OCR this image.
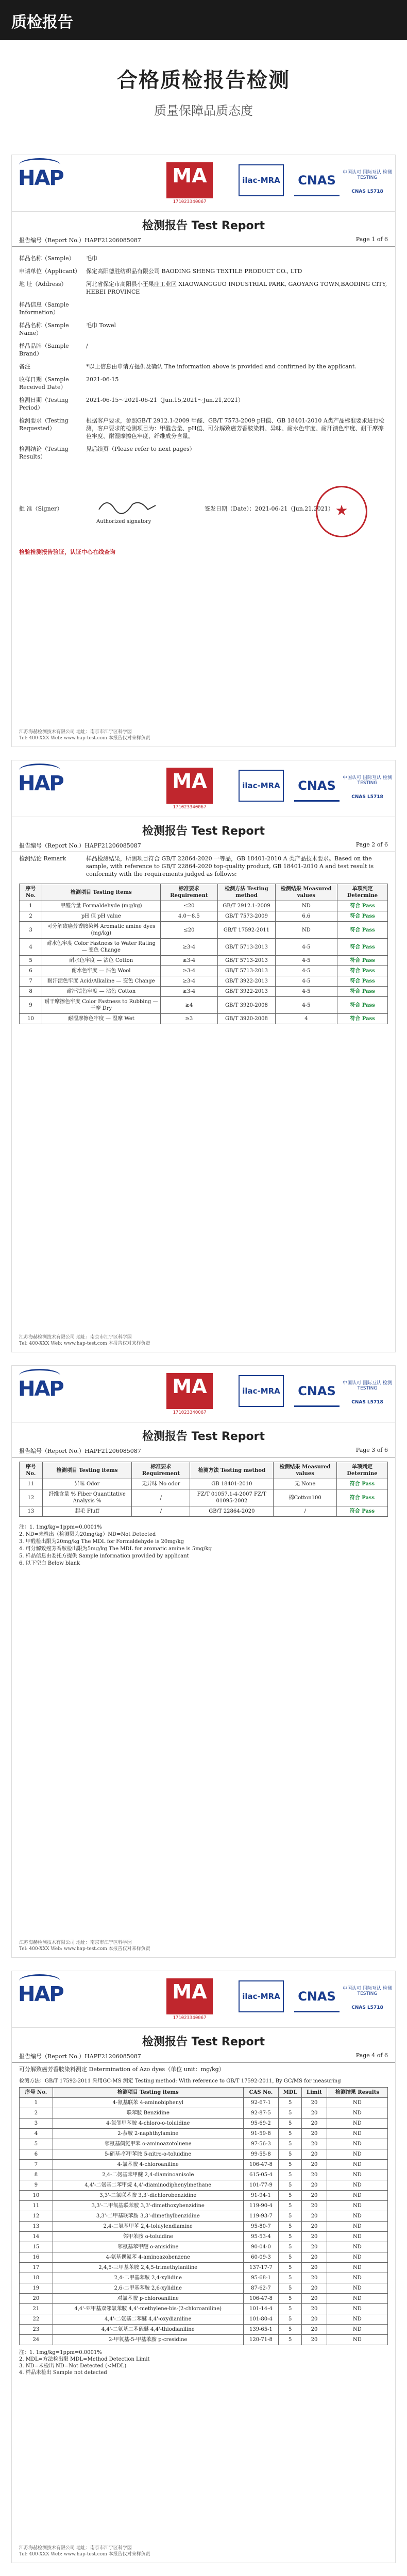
质检报告
合格质检报告检测
质量保障品质态度
HAP	MA
171023340067
ilac-MRA	CNAS
中国认可 国际互认 检测 TESTING
CNAS L5718
检测报告 Test Report
报告编号（Report No.）HAPF21206085087	Page 1 of 6
样品名称（Sample）	毛巾
申请单位（Applicant） 保定高阳德胜纺织品有限公司 BAODING SHENG TEXTILE PRODUCT CO., LTD
地 址（Address）	河北省保定市高阳县小王果庄工业区 XIAOWANGGUO INDUSTRIAL PARK, GAOYANG TOWN,BAODING CITY, HEBEI PROVINCE
样品信息（Sample Information）
样品名称（Sample Name）
毛巾 Towel
样品品牌（Sample Brand）
/
备注	*以上信息由申请方提供及确认 The information above is provided and confirmed by the applicant.
收样日期（Sample Received Date）
2021-06-15
检测日期（Testing Period）
2021-06-15～2021-06-21（Jun.15,2021～Jun.21,2021）
检测要求（Testing Requested）
根据客户要求，参照GB/T 2912.1-2009 甲醛、GB/T 7573-2009 pH值、GB 18401-2010 A类产品标准要求进行检测，客户要求的检测项目为：甲醛含量、pH值、可分解致癌芳香胺染料、异味、耐水色牢度、耐汗渍色牢度、耐干摩擦色牢度、耐湿摩擦色牢度、纤维成分含量。
检测结论（Testing Results）
见后续页（Please refer to next pages）
批 准（Signer）
Authorized signatory
签发日期（Date）：2021-06-21（Jun.21,2021） ★
检验检测报告验证，认证中心在线查询
江苏海赫检测技术有限公司 地址：南京市江宁区科学园
Tel: 400-XXX Web: www.hap-test.com 本报告仅对来样负责
HAP	MA
171023340067
ilac-MRA	CNAS
中国认可 国际互认 检测 TESTING
CNAS L5718
检测报告 Test Report
报告编号（Report No.）HAPF21206085087	Page 2 of 6
检测结论 Remark	样品检测结果，所测项目符合 GB/T 22864-2020 一等品，GB 18401-2010 A 类产品技术要求。Based on the sample, with reference to GB/T 22864-2020 top-quality product, GB 18401-2010 A and test result is conformity with the requirements judged as follows:
序号 No.	检测项目 Testing items	标准要求 Requirement	检测方法 Testing method	检测结果 Measured values	单项判定 Determine
1	甲醛含量 Formaldehyde (mg/kg)	≤20	GB/T 2912.1-2009	ND	符合 Pass
2	pH 值 pH value	4.0～8.5	GB/T 7573-2009	6.6	符合 Pass
3	可分解致癌芳香胺染料 Aromatic amine dyes (mg/kg)	≤20	GB/T 17592-2011	ND	符合 Pass
4	耐水色牢度 Color Fastness to Water Rating — 变色 Change	≥3-4	GB/T 5713-2013	4-5	符合 Pass
5	耐水色牢度 — 沾色 Cotton	≥3-4	GB/T 5713-2013	4-5	符合 Pass
6	耐水色牢度 — 沾色 Wool	≥3-4	GB/T 5713-2013	4-5	符合 Pass
7	耐汗渍色牢度 Acid/Alkaline — 变色 Change	≥3-4	GB/T 3922-2013	4-5	符合 Pass
8	耐汗渍色牢度 — 沾色 Cotton	≥3-4	GB/T 3922-2013	4-5	符合 Pass
9	耐干摩擦色牢度 Color Fastness to Rubbing — 干摩 Dry	≥4	GB/T 3920-2008	4-5	符合 Pass
10	耐湿摩擦色牢度 — 湿摩 Wet	≥3	GB/T 3920-2008	4	符合 Pass
江苏海赫检测技术有限公司 地址：南京市江宁区科学园
Tel: 400-XXX Web: www.hap-test.com 本报告仅对来样负责
HAP	MA
171023340067
ilac-MRA	CNAS
中国认可 国际互认 检测 TESTING
CNAS L5718
检测报告 Test Report
报告编号（Report No.）HAPF21206085087	Page 3 of 6
序号 No.	检测项目 Testing items	标准要求 Requirement	检测方法 Testing method	检测结果 Measured values	单项判定 Determine
11	异味 Odor	无异味 No odor	GB 18401-2010	无 None	符合 Pass
12	纤维含量 % Fiber Quantitative Analysis %	/	FZ/T 01057.1-4-2007 FZ/T 01095-2002	棉Cotton100	符合 Pass
13	起毛 Fluff	/	GB/T 22864-2020	/	符合 Pass
注：1. 1mg/kg=1ppm=0.0001%
2. ND=未检出（检测限为20mg/kg）ND=Not Detected
3. 甲醛检出限为20mg/kg The MDL for Formaldehyde is 20mg/kg
4. 可分解致癌芳香胺检出限为5mg/kg The MDL for aromatic amine is 5mg/kg
5. 样品信息由委托方提供 Sample information provided by applicant
6. 以下空白 Below blank
江苏海赫检测技术有限公司 地址：南京市江宁区科学园
Tel: 400-XXX Web: www.hap-test.com 本报告仅对来样负责
HAP	MA
171023340067
ilac-MRA	CNAS
中国认可 国际互认 检测 TESTING
CNAS L5718
检测报告 Test Report
报告编号（Report No.）HAPF21206085087	Page 4 of 6
可分解致癌芳香胺染料测定 Determination of Azo dyes（单位 unit：mg/kg）
检测方法：GB/T 17592-2011 采用GC-MS 测定 Testing method: With reference to GB/T 17592-2011, By GC/MS for measuring
序号 No.	检测项目 Testing items	CAS No.	MDL	Limit	检测结果 Results
1	4-氨基联苯 4-aminobiphenyl	92-67-1	5	20	ND
2	联苯胺 Benzidine	92-87-5	5	20	ND
3	4-氯邻甲苯胺 4-chloro-o-toluidine	95-69-2	5	20	ND
4	2-萘胺 2-naphthylamine	91-59-8	5	20	ND
5	邻氨基偶氮甲苯 o-aminoazotoluene	97-56-3	5	20	ND
6	5-硝基-邻甲苯胺 5-nitro-o-toluidine	99-55-8	5	20	ND
7	4-氯苯胺 4-chloroaniline	106-47-8	5	20	ND
8	2,4-二氨基苯甲醚 2,4-diaminoanisole	615-05-4	5	20	ND
9	4,4'-二氨基二苯甲烷 4,4'-diaminodiphenylmethane	101-77-9	5	20	ND
10	3,3'-二氯联苯胺 3,3'-dichlorobenzidine	91-94-1	5	20	ND
11	3,3'-二甲氧基联苯胺 3,3'-dimethoxybenzidine	119-90-4	5	20	ND
12	3,3'-二甲基联苯胺 3,3'-dimethylbenzidine	119-93-7	5	20	ND
13	2,4-二氨基甲苯 2,4-toluylendiamine	95-80-7	5	20	ND
14	邻甲苯胺 o-toluidine	95-53-4	5	20	ND
15	邻氨基苯甲醚 o-anisidine	90-04-0	5	20	ND
16	4-氨基偶氮苯 4-aminoazobenzene	60-09-3	5	20	ND
17	2,4,5-三甲基苯胺 2,4,5-trimethylaniline	137-17-7	5	20	ND
18	2,4-二甲基苯胺 2,4-xylidine	95-68-1	5	20	ND
19	2,6-二甲基苯胺 2,6-xylidine	87-62-7	5	20	ND
20	对氯苯胺 p-chloroaniline	106-47-8	5	20	ND
21	4,4'-亚甲基双邻氯苯胺 4,4'-methylene-bis-(2-chloroaniline)	101-14-4	5	20	ND
22	4,4'-二氨基二苯醚 4,4'-oxydianiline	101-80-4	5	20	ND
23	4,4'-二氨基二苯硫醚 4,4'-thiodianiline	139-65-1	5	20	ND
24	2-甲氧基-5-甲基苯胺 p-cresidine	120-71-8	5	20	ND
注：1. 1mg/kg=1ppm=0.0001%
2. MDL=方法检出限 MDL=Method Detection Limit
3. ND=未检出 ND=Not Detected (<MDL)
4. 样品未检出 Sample not detected
江苏海赫检测技术有限公司 地址：南京市江宁区科学园
Tel: 400-XXX Web: www.hap-test.com 本报告仅对来样负责
